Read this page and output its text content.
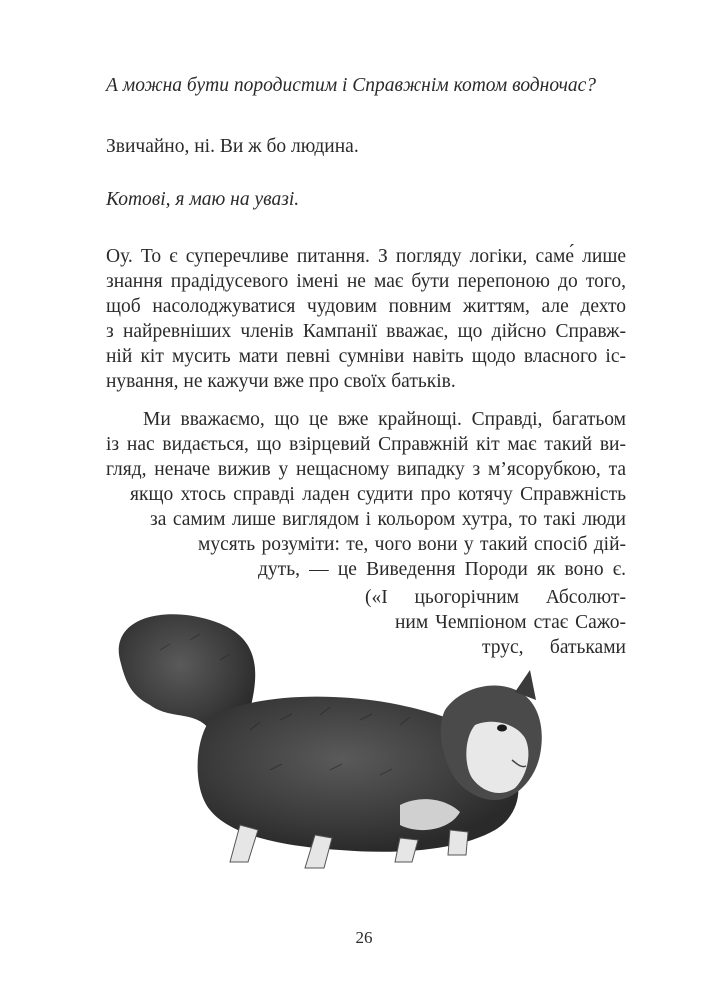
А можна бути породистим і Справжнім котом водночас?
Звичайно, ні. Ви ж бо людина.
Котові, я маю на увазі.
Оу. То є суперечливе питання. З погляду логіки, саме́ лише
знання прадідусевого імені не має бути перепоною до того,
щоб насолоджуватися чудовим повним життям, але дехто
з найревніших членів Кампанії вважає, що дійсно Справж-
ній кіт мусить мати певні сумніви навіть щодо власного іс-
нування, не кажучи вже про своїх батьків.
Ми вважаємо, що це вже крайнощі. Справді, багатьом
із нас видається, що взірцевий Справжній кіт має такий ви-
гляд, неначе вижив у нещасному випадку з м’ясорубкою, та
якщо хтось справді ладен судити про котячу Справжність
за самим лише виглядом і кольором хутра, то такі люди
мусять розуміти: те, чого вони у такий спосіб дій-
дуть, — це Виведення Породи як воно є.
(«І цьогорічним Абсолют-
ним Чемпіоном стає Сажо-
трус, батьками
26
